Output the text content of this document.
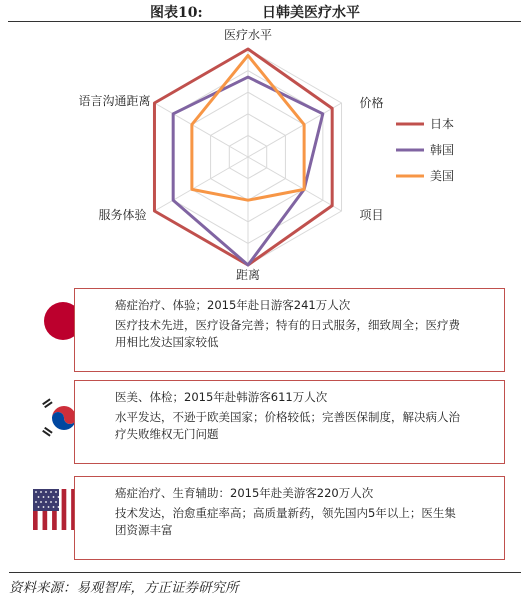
图表10:	日韩美医疗水平
医疗水平
价格
项目
距离
服务体验
语言沟通距离
日本
韩国
美国
癌症治疗、体验；2015年赴日游客241万人次
医疗技术先进，医疗设备完善；特有的日式服务，细致周全；医疗费
用相比发达国家较低
医美、体检；2015年赴韩游客611万人次
水平发达，不逊于欧美国家；价格较低；完善医保制度，解决病人治
疗失败维权无门问题
癌症治疗、生育辅助：2015年赴美游客220万人次
技术发达，治愈重症率高；高质量新药，领先国内5年以上；医生集
团资源丰富
资料来源：易观智库，方正证券研究所
